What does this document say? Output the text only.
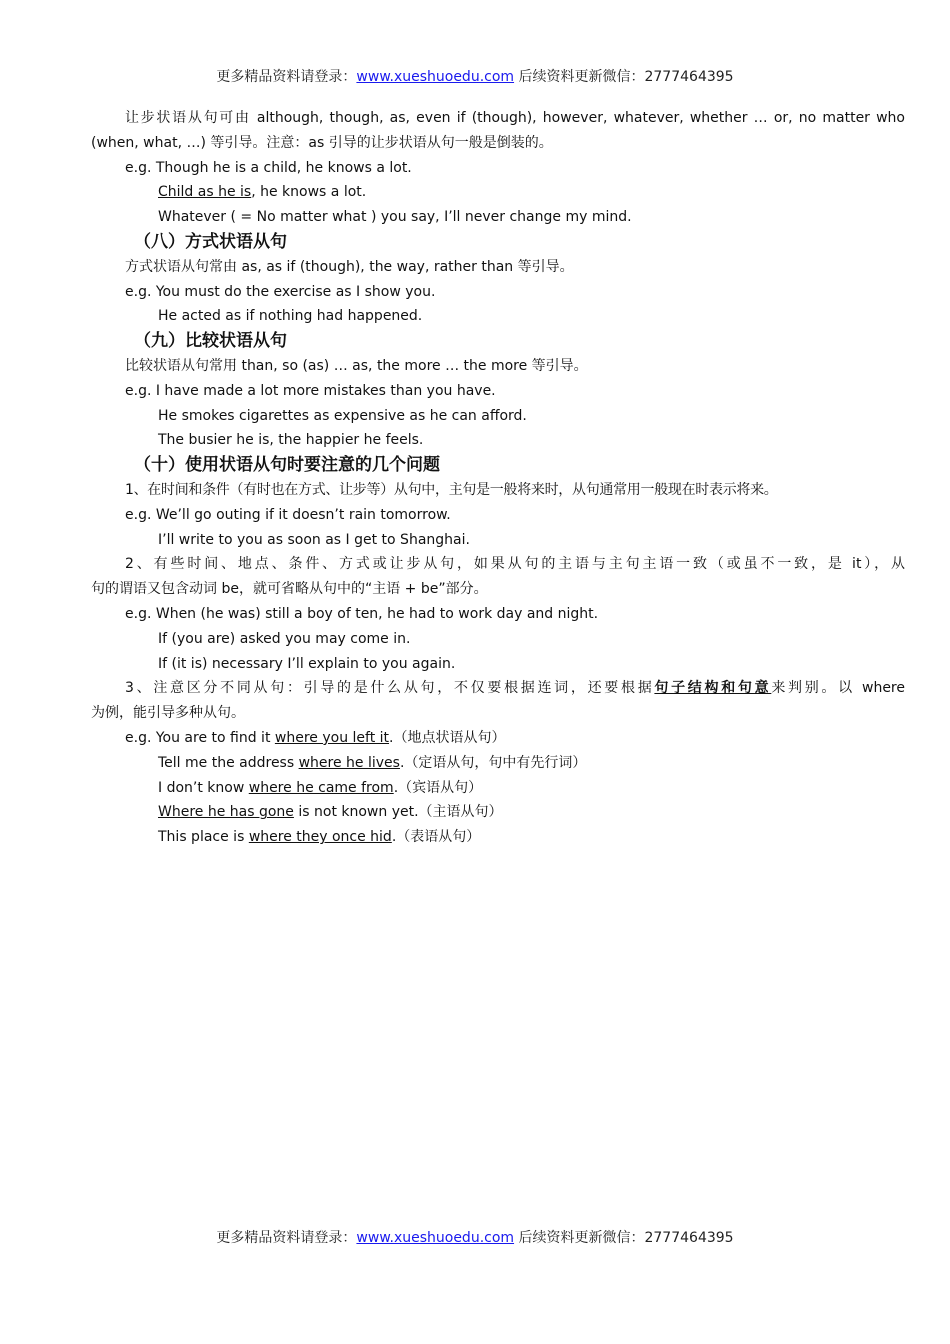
更多精品资料请登录：www.xueshuoedu.com 后续资料更新微信：2777464395
让步状语从句可由 although, though, as, even if (though), however, whatever, whether … or, no matter who
(when, what, …) 等引导。注意：as 引导的让步状语从句一般是倒装的。
e.g. Though he is a child, he knows a lot.
Child as he is, he knows a lot.
Whatever ( = No matter what ) you say, I’ll never change my mind.
（八）方式状语从句
方式状语从句常由 as, as if (though), the way, rather than 等引导。
e.g. You must do the exercise as I show you.
He acted as if nothing had happened.
（九）比较状语从句
比较状语从句常用 than, so (as) … as, the more … the more 等引导。
e.g. I have made a lot more mistakes than you have.
He smokes cigarettes as expensive as he can afford.
The busier he is, the happier he feels.
（十）使用状语从句时要注意的几个问题
1、在时间和条件（有时也在方式、让步等）从句中，主句是一般将来时，从句通常用一般现在时表示将来。
e.g. We’ll go outing if it doesn’t rain tomorrow.
I’ll write to you as soon as I get to Shanghai.
2、有些时间、地点、条件、方式或让步从句，如果从句的主语与主句主语一致（或虽不一致，是 it），从
句的谓语又包含动词 be，就可省略从句中的“主语 + be”部分。
e.g. When (he was) still a boy of ten, he had to work day and night.
If (you are) asked you may come in.
If (it is) necessary I’ll explain to you again.
3、注意区分不同从句：引导的是什么从句，不仅要根据连词，还要根据句子结构和句意来判别。以 where
为例，能引导多种从句。
e.g. You are to find it where you left it.（地点状语从句）
Tell me the address where he lives.（定语从句，句中有先行词）
I don’t know where he came from.（宾语从句）
Where he has gone is not known yet.（主语从句）
This place is where they once hid.（表语从句）
更多精品资料请登录：www.xueshuoedu.com 后续资料更新微信：2777464395
